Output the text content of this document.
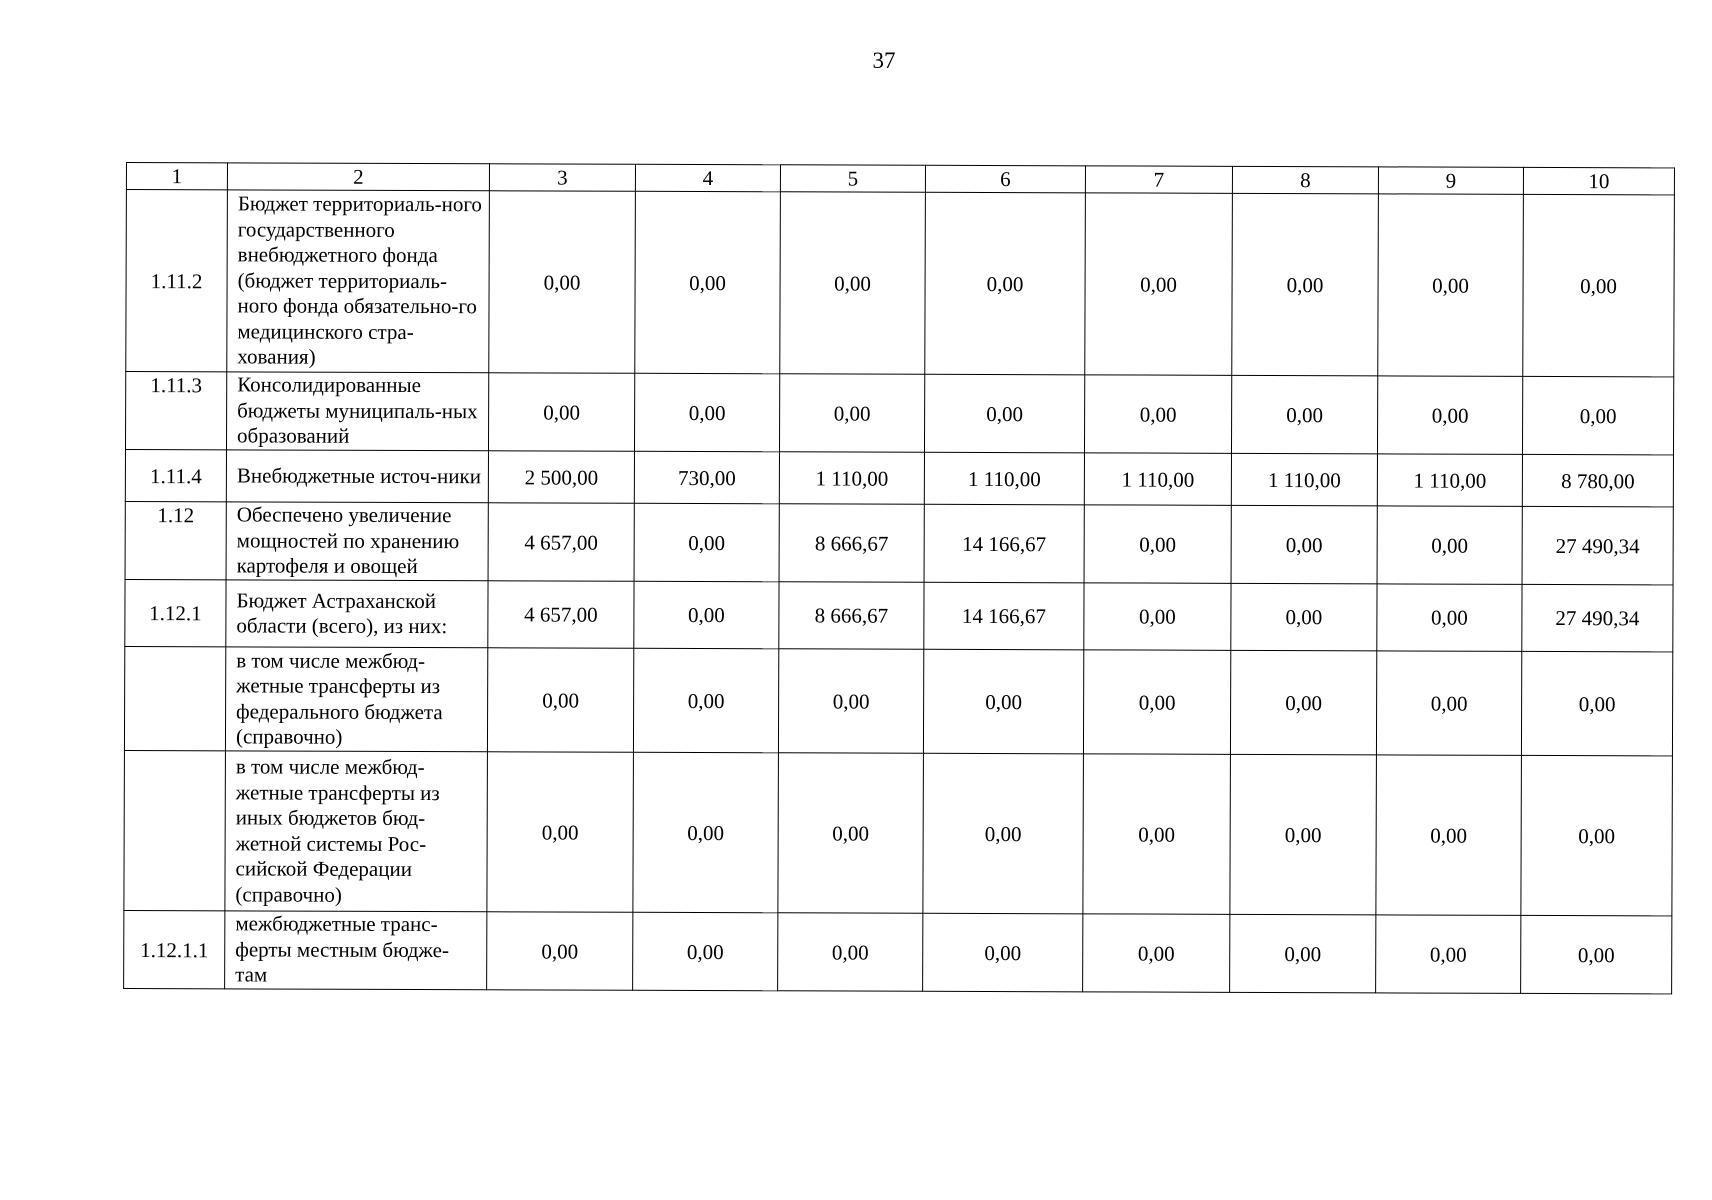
37
1	2	3	4	5	6	7	8	9	10
1.11.2	Бюджет территориаль-ного государственного внебюджетного фонда (бюджет территориаль-ного фонда обязательно-го медицинского стра-хования)	0,00	0,00	0,00	0,00	0,00	0,00	0,00	0,00
1.11.3	Консолидированные бюджеты муниципаль-ных образований	0,00	0,00	0,00	0,00	0,00	0,00	0,00	0,00
1.11.4	Внебюджетные источ-ники	2 500,00	730,00	1 110,00	1 110,00	1 110,00	1 110,00	1 110,00	8 780,00
1.12	Обеспечено увеличение мощностей по хранению картофеля и овощей	4 657,00	0,00	8 666,67	14 166,67	0,00	0,00	0,00	27 490,34
1.12.1	Бюджет Астраханской области (всего), из них:	4 657,00	0,00	8 666,67	14 166,67	0,00	0,00	0,00	27 490,34
	в том числе межбюд-жетные трансферты из федерального бюджета (справочно)	0,00	0,00	0,00	0,00	0,00	0,00	0,00	0,00
	в том числе межбюд-жетные трансферты из иных бюджетов бюд-жетной системы Рос-сийской Федерации (справочно)	0,00	0,00	0,00	0,00	0,00	0,00	0,00	0,00
1.12.1.1	межбюджетные транс-ферты местным бюдже-там	0,00	0,00	0,00	0,00	0,00	0,00	0,00	0,00
